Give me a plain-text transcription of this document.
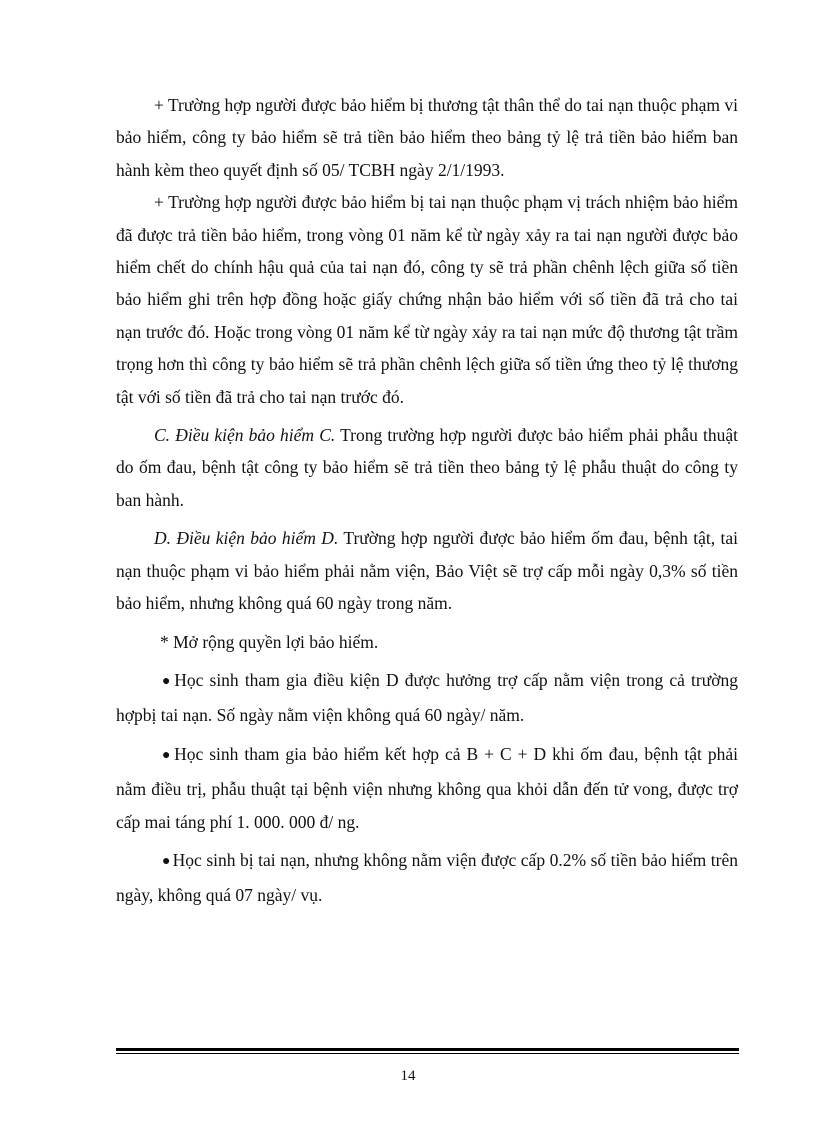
+ Trường hợp người được bảo hiểm bị thương tật thân thể do tai nạn thuộc phạm vi bảo hiểm, công ty bảo hiểm sẽ trả tiền bảo hiểm theo bảng tỷ lệ trả tiền bảo hiểm ban hành kèm theo quyết định số 05/ TCBH ngày 2/1/1993.

+ Trường hợp người được bảo hiểm bị tai nạn thuộc phạm vị trách nhiệm bảo hiểm đã được trả tiền bảo hiểm, trong vòng 01 năm kể từ ngày xảy ra tai nạn người được bảo hiểm chết do chính hậu quả của tai nạn đó, công ty sẽ trả phần chênh lệch giữa số tiền bảo hiểm ghi trên hợp đồng hoặc giấy chứng nhận bảo hiểm với số tiền đã trả cho tai nạn trước đó. Hoặc trong vòng 01 năm kể từ ngày xảy ra tai nạn mức độ thương tật trầm trọng hơn thì công ty bảo hiểm sẽ trả phần chênh lệch giữa số tiền ứng theo tỷ lệ thương tật với số tiền đã trả cho tai nạn trước đó.

C. Điều kiện bảo hiểm C. Trong trường hợp người được bảo hiểm phải phẫu thuật do ốm đau, bệnh tật công ty bảo hiểm sẽ trả tiền theo bảng tỷ lệ phẫu thuật do công ty ban hành.

D. Điều kiện bảo hiểm D. Trường hợp người được bảo hiểm ốm đau, bệnh tật, tai nạn thuộc phạm vi bảo hiểm phải nằm viện, Bảo Việt sẽ trợ cấp mỗi ngày 0,3% số tiền bảo hiểm, nhưng không quá 60 ngày trong năm.

* Mở rộng quyền lợi bảo hiểm.

● Học sinh tham gia điều kiện D được hưởng trợ cấp nằm viện trong cả trường hợpbị tai nạn. Số ngày nằm viện không quá 60 ngày/ năm.

● Học sinh tham gia bảo hiểm kết hợp cả B + C + D khi ốm đau, bệnh tật phải nằm điều trị, phẫu thuật tại bệnh viện nhưng không qua khỏi dẫn đến tử vong, được trợ cấp mai táng phí 1. 000. 000 đ/ ng.

● Học sinh bị tai nạn, nhưng không nằm viện được cấp 0.2% số tiền bảo hiểm trên ngày, không quá 07 ngày/ vụ.

14
